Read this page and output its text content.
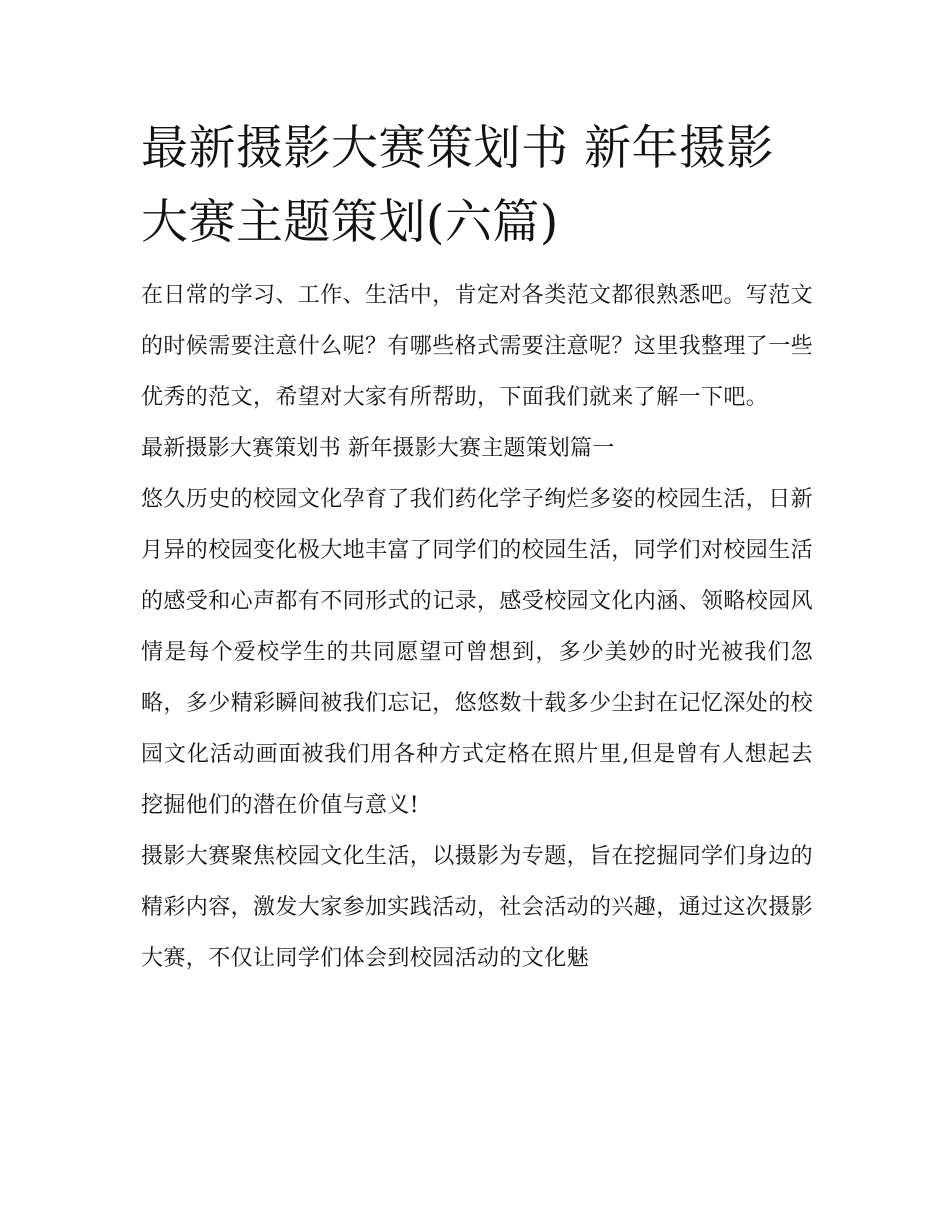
最新摄影大赛策划书 新年摄影大赛主题策划(六篇)

在日常的学习、工作、生活中，肯定对各类范文都很熟悉吧。写范文的时候需要注意什么呢？有哪些格式需要注意呢？这里我整理了一些优秀的范文，希望对大家有所帮助，下面我们就来了解一下吧。

最新摄影大赛策划书 新年摄影大赛主题策划篇一

悠久历史的校园文化孕育了我们药化学子绚烂多姿的校园生活，日新月异的校园变化极大地丰富了同学们的校园生活，同学们对校园生活的感受和心声都有不同形式的记录，感受校园文化内涵、领略校园风情是每个爱校学生的共同愿望可曾想到，多少美妙的时光被我们忽略，多少精彩瞬间被我们忘记，悠悠数十载多少尘封在记忆深处的校园文化活动画面被我们用各种方式定格在照片里,但是曾有人想起去挖掘他们的潜在价值与意义!

摄影大赛聚焦校园文化生活，以摄影为专题，旨在挖掘同学们身边的精彩内容，激发大家参加实践活动，社会活动的兴趣，通过这次摄影大赛，不仅让同学们体会到校园活动的文化魅
